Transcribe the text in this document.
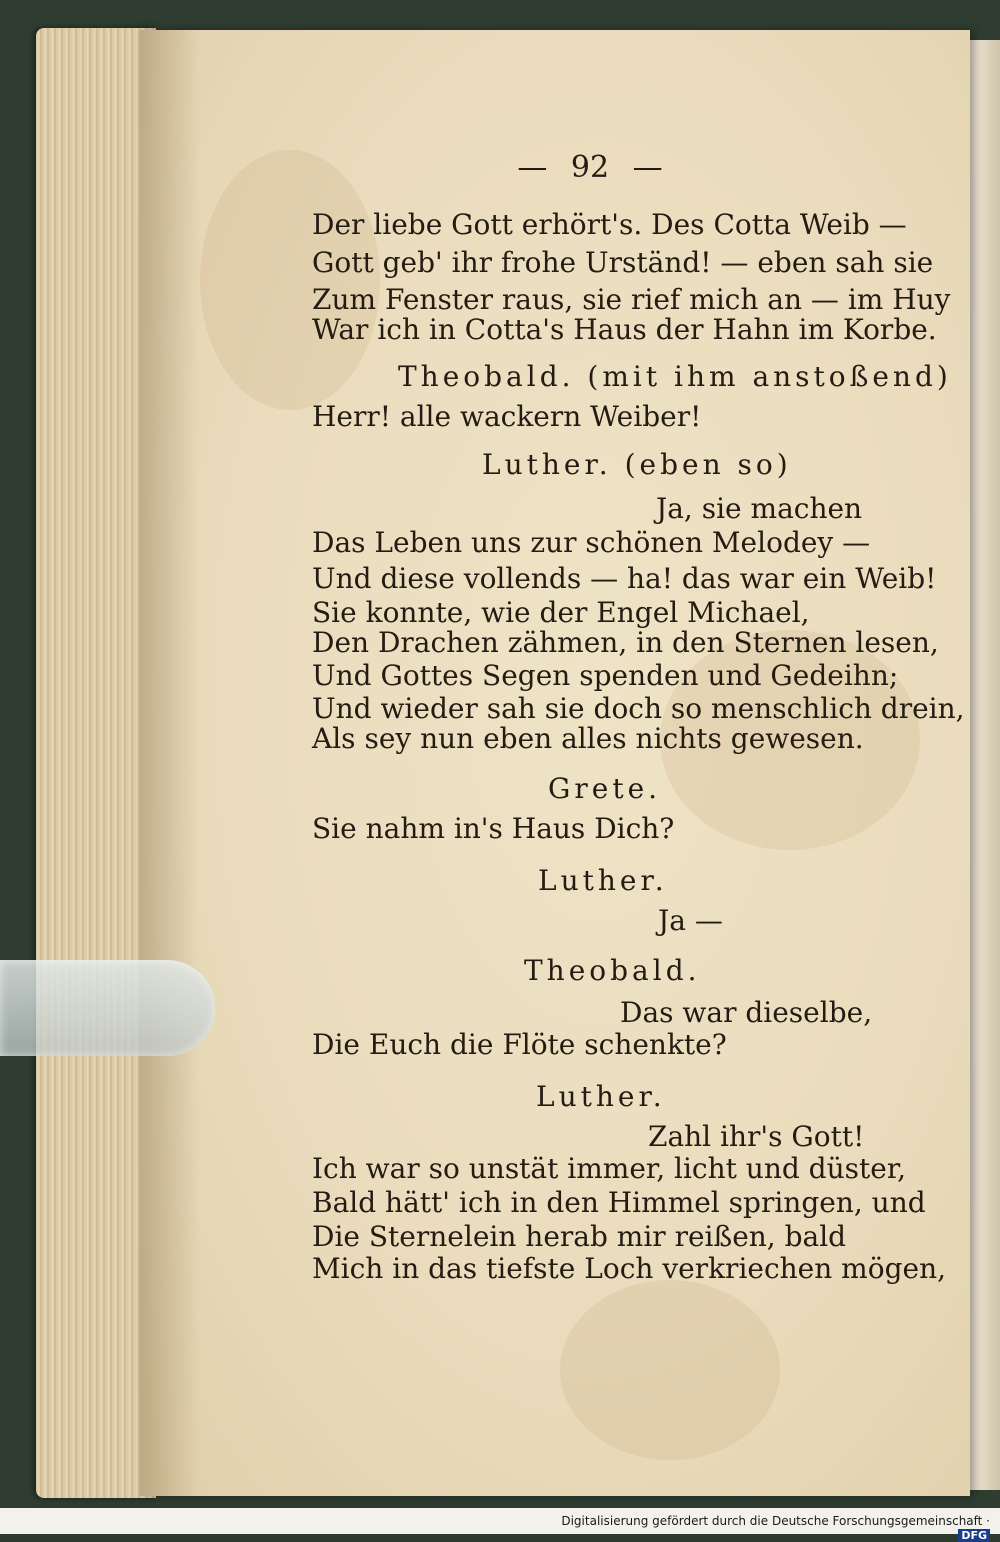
— 92 —
Der liebe Gott erhört's. Des Cotta Weib —
Gott geb' ihr frohe Urständ! — eben sah sie
Zum Fenster raus, sie rief mich an — im Huy
War ich in Cotta's Haus der Hahn im Korbe.
Theobald. (mit ihm anstoßend)
Herr! alle wackern Weiber!
Luther. (eben so)
Ja, sie machen
Das Leben uns zur schönen Melodey —
Und diese vollends — ha! das war ein Weib!
Sie konnte, wie der Engel Michael,
Den Drachen zähmen, in den Sternen lesen,
Und Gottes Segen spenden und Gedeihn;
Und wieder sah sie doch so menschlich drein,
Als sey nun eben alles nichts gewesen.
Grete.
Sie nahm in's Haus Dich?
Luther.
Ja —
Theobald.
Das war dieselbe,
Die Euch die Flöte schenkte?
Luther.
Zahl ihr's Gott!
Ich war so unstät immer, licht und düster,
Bald hätt' ich in den Himmel springen, und
Die Sternelein herab mir reißen, bald
Mich in das tiefste Loch verkriechen mögen,
Digitalisierung gefördert durch die Deutsche Forschungsgemeinschaft ·DFG
